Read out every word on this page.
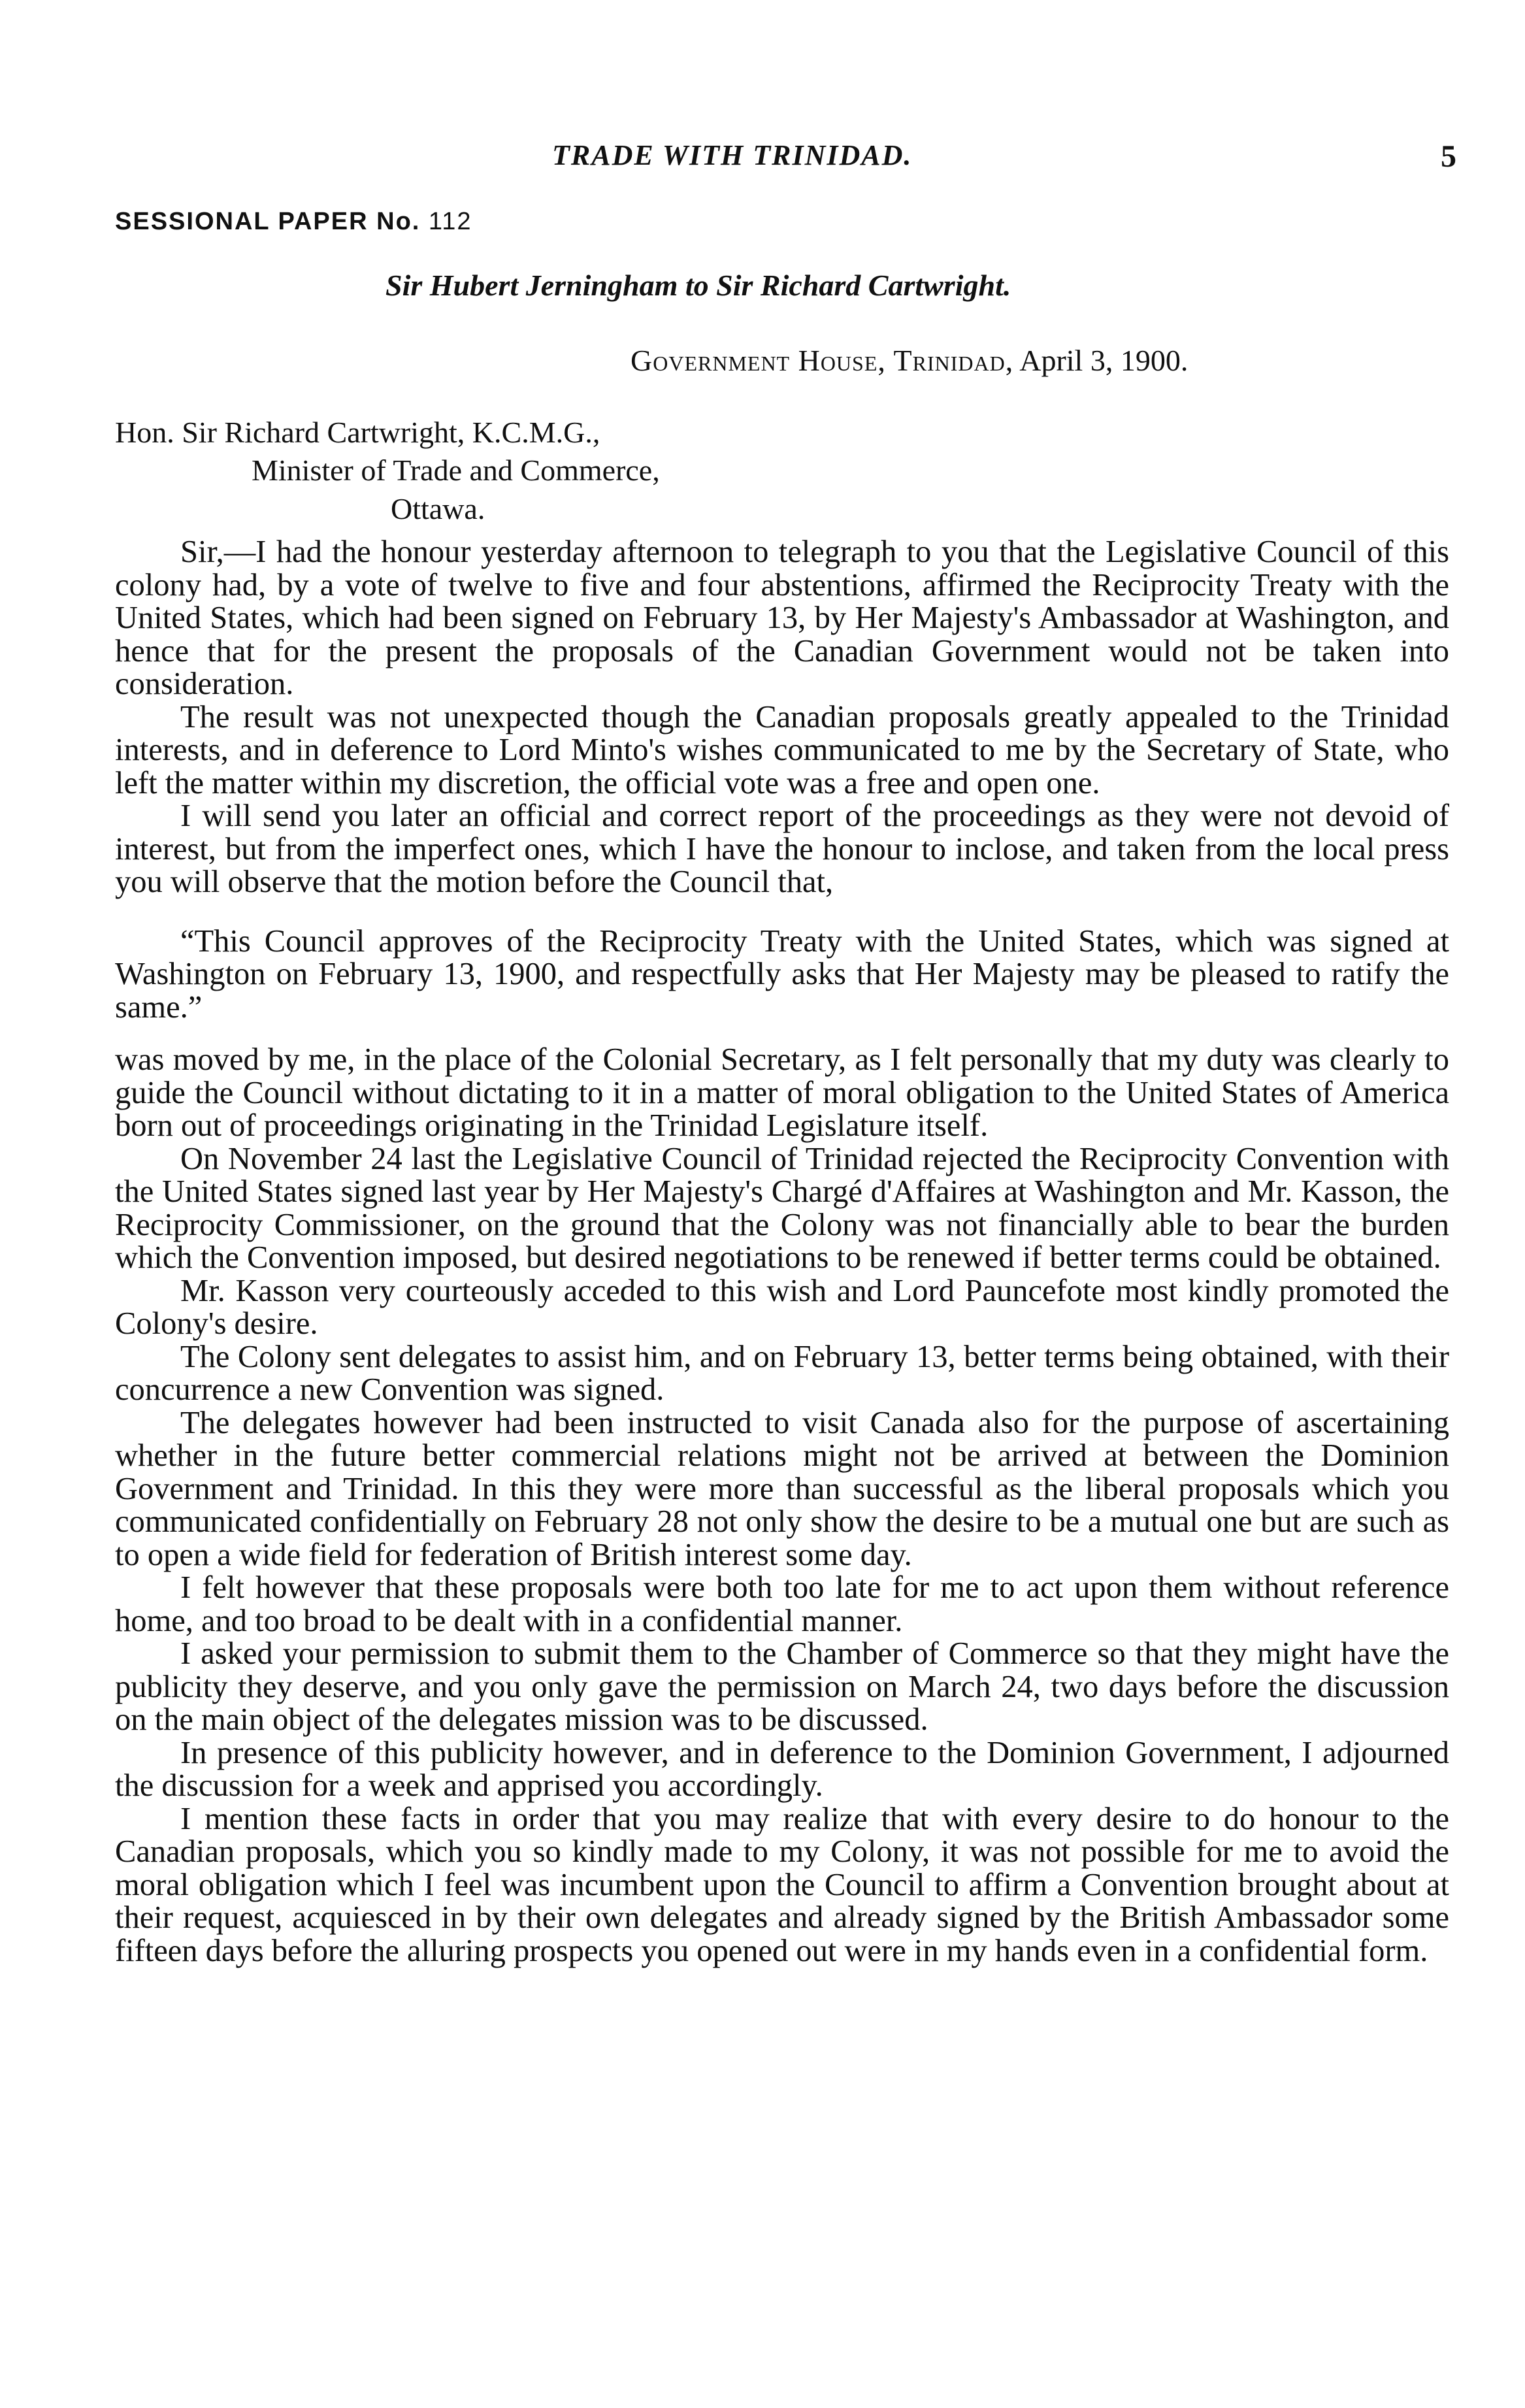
TRADE WITH TRINIDAD.	5
SESSIONAL PAPER No. 112
Sir Hubert Jerningham to Sir Richard Cartwright.
Government House, Trinidad, April 3, 1900.
Hon. Sir Richard Cartwright, K.C.M.G.,
Minister of Trade and Commerce,
Ottawa.

Sir,—I had the honour yesterday afternoon to telegraph to you that the Legislative Council of this colony had, by a vote of twelve to five and four abstentions, affirmed the Reciprocity Treaty with the United States, which had been signed on February 13, by Her Majesty's Ambassador at Washington, and hence that for the present the proposals of the Canadian Government would not be taken into consideration.

The result was not unexpected though the Canadian proposals greatly appealed to the Trinidad interests, and in deference to Lord Minto's wishes communicated to me by the Secretary of State, who left the matter within my discretion, the official vote was a free and open one.

I will send you later an official and correct report of the proceedings as they were not devoid of interest, but from the imperfect ones, which I have the honour to inclose, and taken from the local press you will observe that the motion before the Council that,

“This Council approves of the Reciprocity Treaty with the United States, which was signed at Washington on February 13, 1900, and respectfully asks that Her Majesty may be pleased to ratify the same.”

was moved by me, in the place of the Colonial Secretary, as I felt personally that my duty was clearly to guide the Council without dictating to it in a matter of moral obligation to the United States of America born out of proceedings originating in the Trinidad Legislature itself.

On November 24 last the Legislative Council of Trinidad rejected the Reciprocity Convention with the United States signed last year by Her Majesty's Chargé d'Affaires at Washington and Mr. Kasson, the Reciprocity Commissioner, on the ground that the Colony was not financially able to bear the burden which the Convention imposed, but desired negotiations to be renewed if better terms could be obtained.

Mr. Kasson very courteously acceded to this wish and Lord Pauncefote most kindly promoted the Colony's desire.

The Colony sent delegates to assist him, and on February 13, better terms being obtained, with their concurrence a new Convention was signed.

The delegates however had been instructed to visit Canada also for the purpose of ascertaining whether in the future better commercial relations might not be arrived at between the Dominion Government and Trinidad. In this they were more than successful as the liberal proposals which you communicated confidentially on February 28 not only show the desire to be a mutual one but are such as to open a wide field for federation of British interest some day.

I felt however that these proposals were both too late for me to act upon them without reference home, and too broad to be dealt with in a confidential manner.

I asked your permission to submit them to the Chamber of Commerce so that they might have the publicity they deserve, and you only gave the permission on March 24, two days before the discussion on the main object of the delegates mission was to be discussed.

In presence of this publicity however, and in deference to the Dominion Government, I adjourned the discussion for a week and apprised you accordingly.

I mention these facts in order that you may realize that with every desire to do honour to the Canadian proposals, which you so kindly made to my Colony, it was not possible for me to avoid the moral obligation which I feel was incumbent upon the Council to affirm a Convention brought about at their request, acquiesced in by their own delegates and already signed by the British Ambassador some fifteen days before the alluring prospects you opened out were in my hands even in a confidential form.
